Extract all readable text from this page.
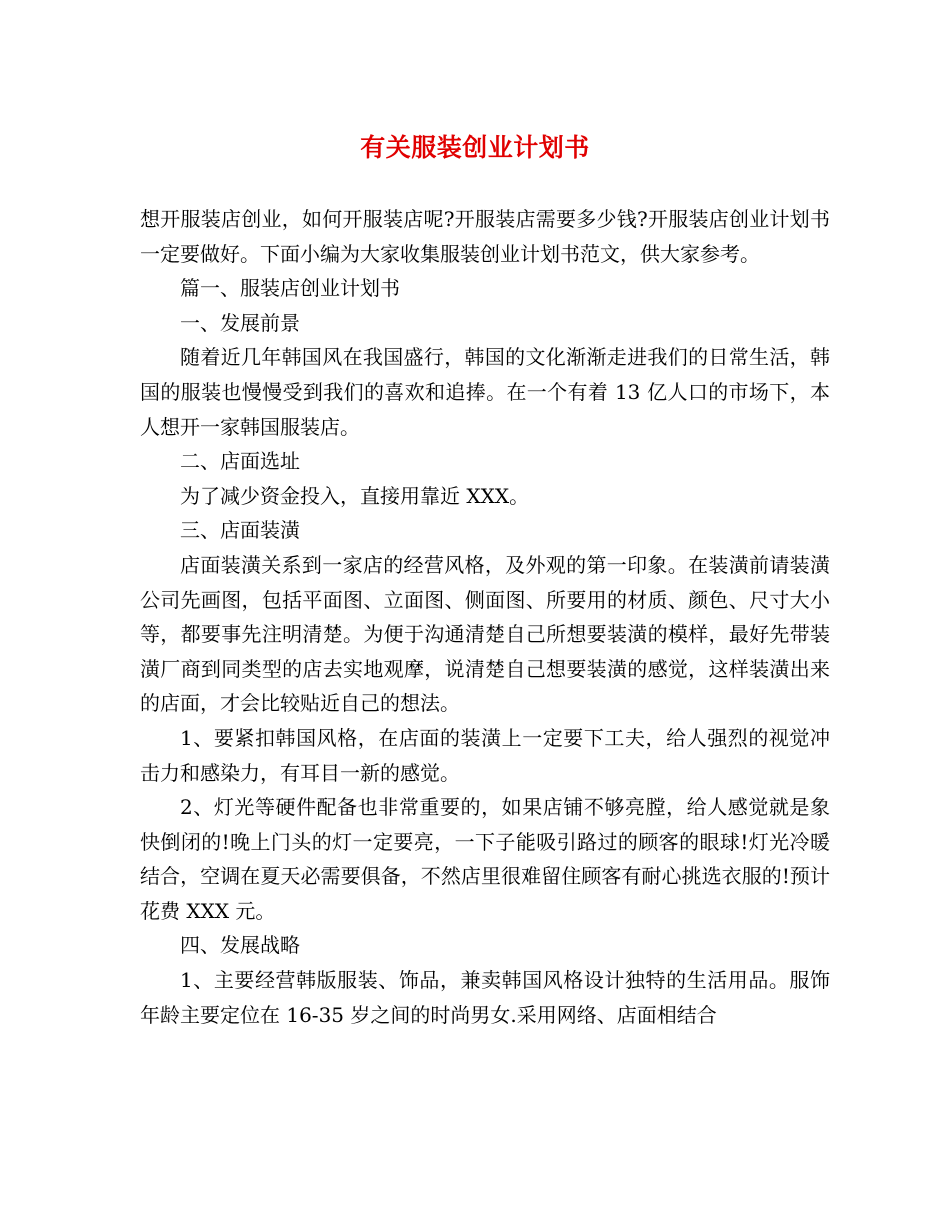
有关服装创业计划书

想开服装店创业，如何开服装店呢?开服装店需要多少钱?开服装店创业计划书一定要做好。下面小编为大家收集服装创业计划书范文，供大家参考。

篇一、服装店创业计划书

一、发展前景

随着近几年韩国风在我国盛行，韩国的文化渐渐走进我们的日常生活，韩国的服装也慢慢受到我们的喜欢和追捧。在一个有着 13 亿人口的市场下，本人想开一家韩国服装店。

二、店面选址

为了减少资金投入，直接用靠近 XXX。

三、店面装潢

店面装潢关系到一家店的经营风格，及外观的第一印象。在装潢前请装潢公司先画图，包括平面图、立面图、侧面图、所要用的材质、颜色、尺寸大小等，都要事先注明清楚。为便于沟通清楚自己所想要装潢的模样，最好先带装潢厂商到同类型的店去实地观摩，说清楚自己想要装潢的感觉，这样装潢出来的店面，才会比较贴近自己的想法。

1、要紧扣韩国风格，在店面的装潢上一定要下工夫，给人强烈的视觉冲击力和感染力，有耳目一新的感觉。

2、灯光等硬件配备也非常重要的，如果店铺不够亮膛，给人感觉就是象快倒闭的!晚上门头的灯一定要亮，一下子能吸引路过的顾客的眼球!灯光冷暖结合，空调在夏天必需要俱备，不然店里很难留住顾客有耐心挑选衣服的!预计花费 XXX 元。

四、发展战略

1、主要经营韩版服装、饰品，兼卖韩国风格设计独特的生活用品。服饰年龄主要定位在 16-35 岁之间的时尚男女.采用网络、店面相结合
